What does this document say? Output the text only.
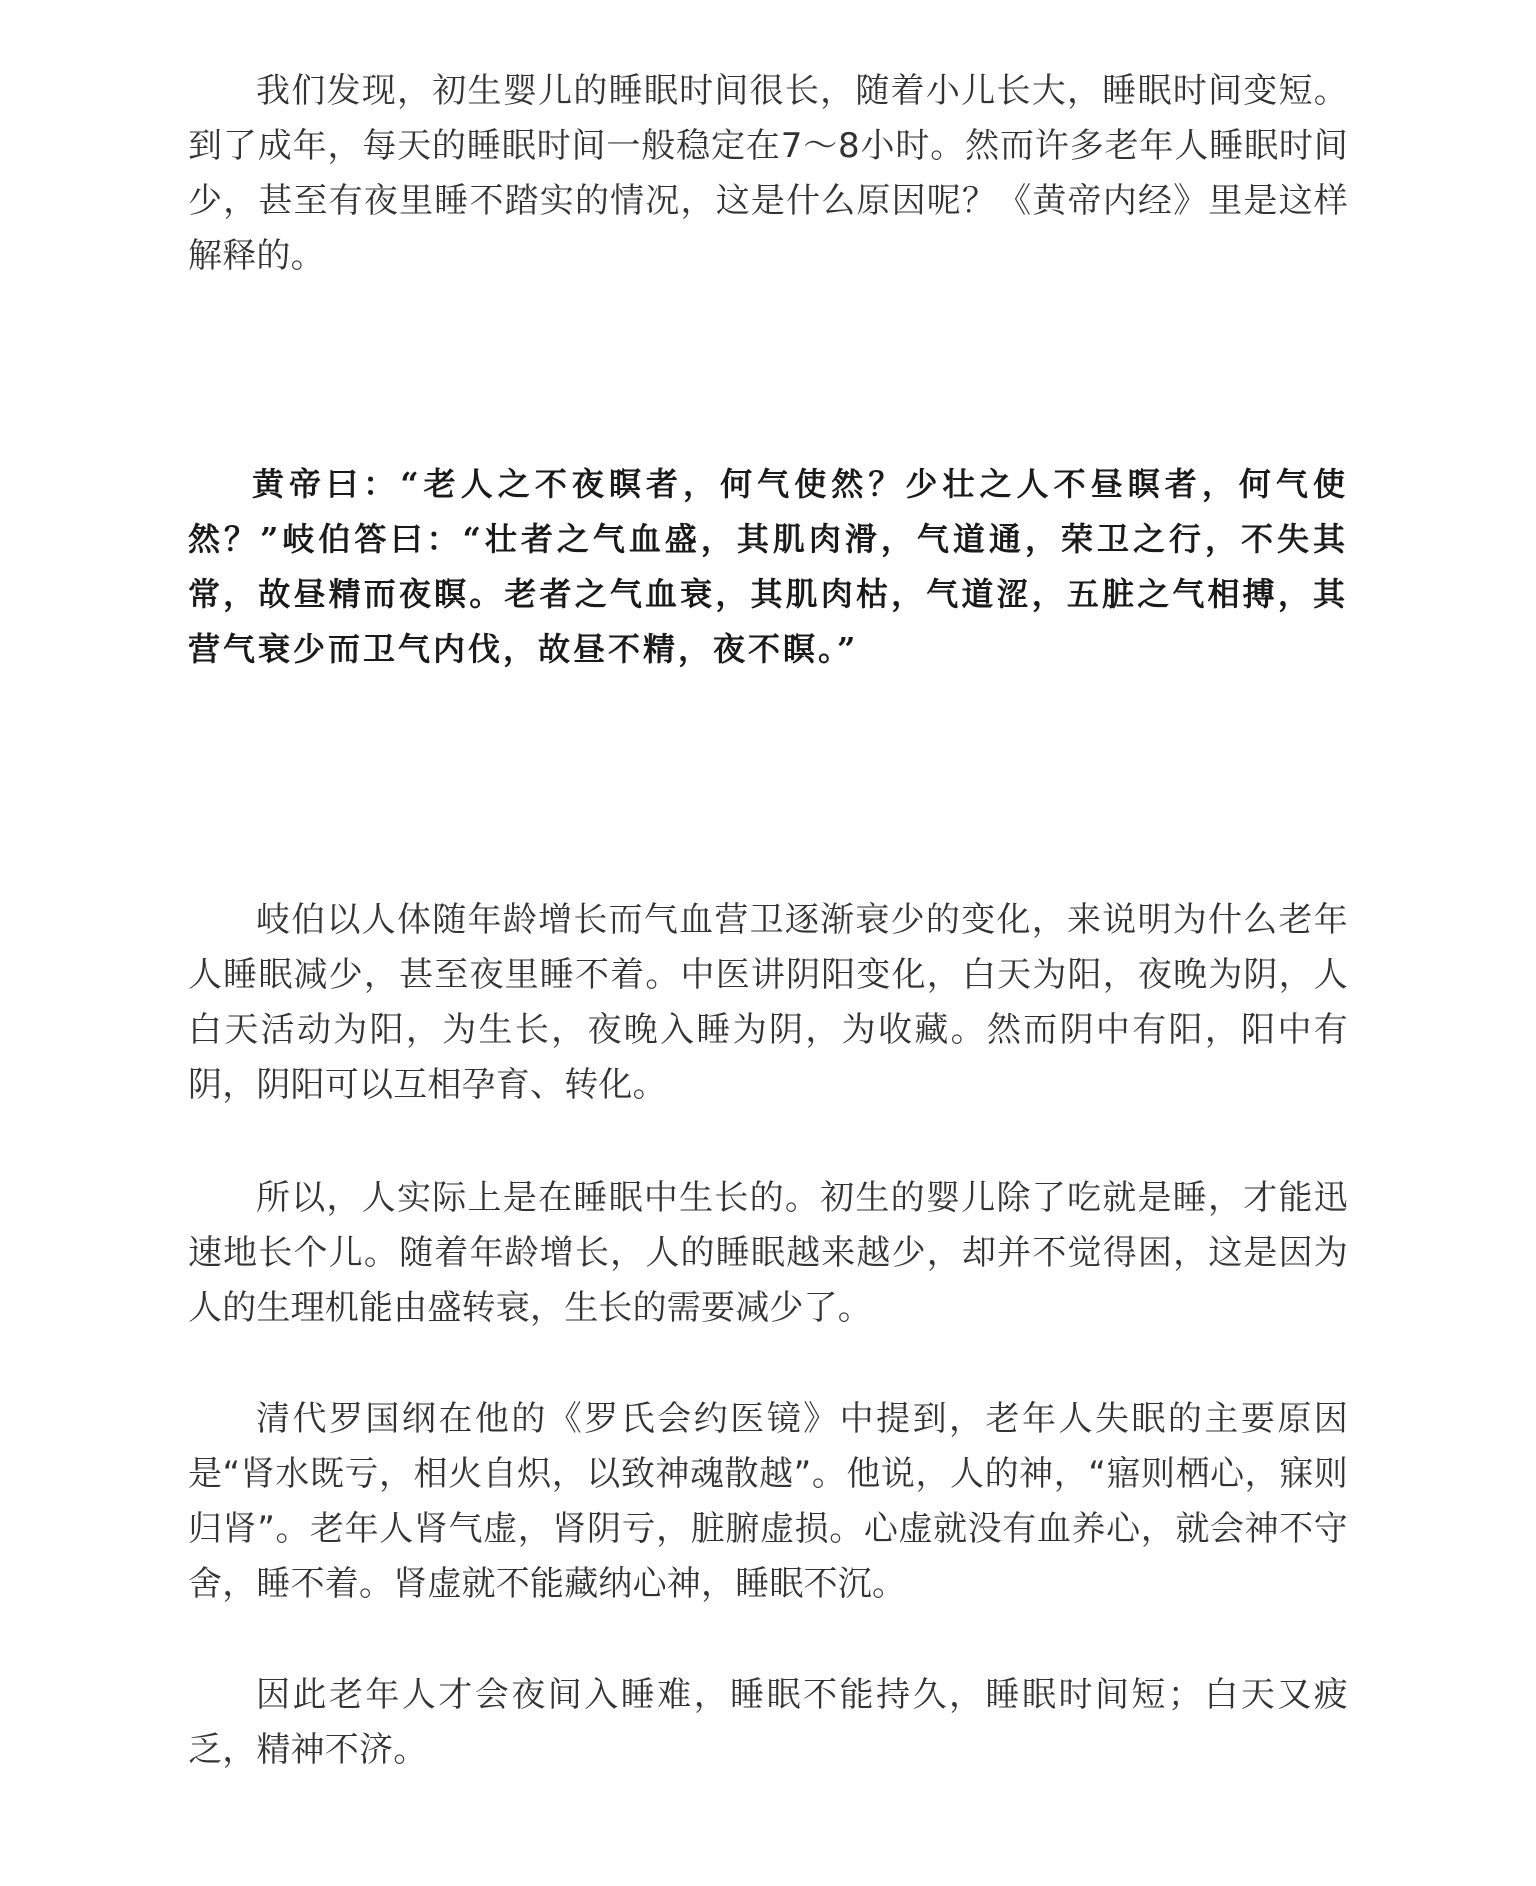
我们发现，初生婴儿的睡眠时间很长，随着小儿长大，睡眠时间变短。到了成年，每天的睡眠时间一般稳定在7～8小时。然而许多老年人睡眠时间少，甚至有夜里睡不踏实的情况，这是什么原因呢？《黄帝内经》里是这样解释的。

黄帝曰：“老人之不夜瞑者，何气使然？少壮之人不昼瞑者，何气使然？”岐伯答曰：“壮者之气血盛，其肌肉滑，气道通，荣卫之行，不失其常，故昼精而夜瞑。老者之气血衰，其肌肉枯，气道涩，五脏之气相搏，其营气衰少而卫气内伐，故昼不精，夜不瞑。”

岐伯以人体随年龄增长而气血营卫逐渐衰少的变化，来说明为什么老年人睡眠减少，甚至夜里睡不着。中医讲阴阳变化，白天为阳，夜晚为阴，人白天活动为阳，为生长，夜晚入睡为阴，为收藏。然而阴中有阳，阳中有阴，阴阳可以互相孕育、转化。

所以，人实际上是在睡眠中生长的。初生的婴儿除了吃就是睡，才能迅速地长个儿。随着年龄增长，人的睡眠越来越少，却并不觉得困，这是因为人的生理机能由盛转衰，生长的需要减少了。

清代罗国纲在他的《罗氏会约医镜》中提到，老年人失眠的主要原因是“肾水既亏，相火自炽，以致神魂散越”。他说，人的神，“寤则栖心，寐则归肾”。老年人肾气虚，肾阴亏，脏腑虚损。心虚就没有血养心，就会神不守舍，睡不着。肾虚就不能藏纳心神，睡眠不沉。

因此老年人才会夜间入睡难，睡眠不能持久，睡眠时间短；白天又疲乏，精神不济。
